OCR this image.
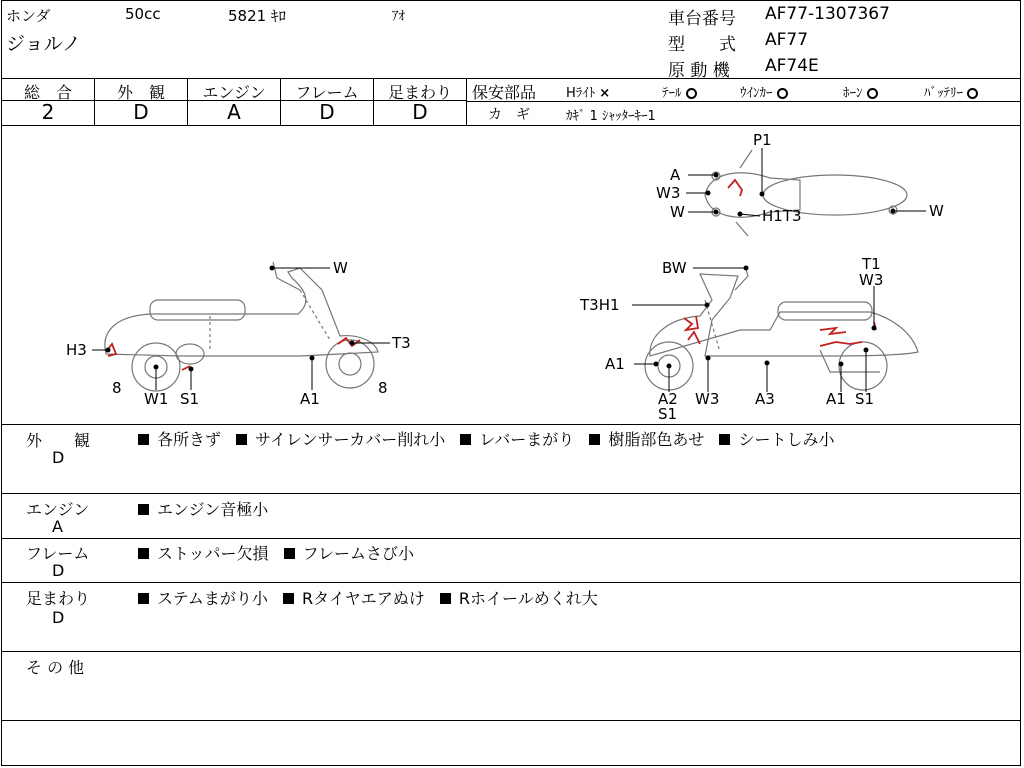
ホンダ	50cc	5821 ｷﾛ	ｱｵ
ジョルノ
車台番号 AF77-1307367
型　　式 AF77
原 動 機 AF74E
総　合	外　観	エンジン	フレーム	足まわり
2	D	A	D	D
保安部品 Hﾗｲﾄ ×	ﾃｰﾙ	ｳｲﾝｶｰ	ﾎｰﾝ	ﾊﾞｯﾃﾘｰ
カ　ギ	ｶｷﾞ 1 ｼｬｯﾀｰｷｰ1
W
T3
H3
8	8
W1 S1	A1
P1
A
W3
W	H1T3	W
BW	T1
W3
T3H1
A1
A2
S1
W3 A3	A1 S1
外　　観
D
各所きず サイレンサーカバー削れ小 レバーまがり 樹脂部色あせ シートしみ小
エンジン
A
エンジン音極小
フレーム
D
ストッパー欠損 フレームさび小
足まわり
D
ステムまがり小 Rタイヤエアぬけ Rホイールめくれ大
そ の 他
